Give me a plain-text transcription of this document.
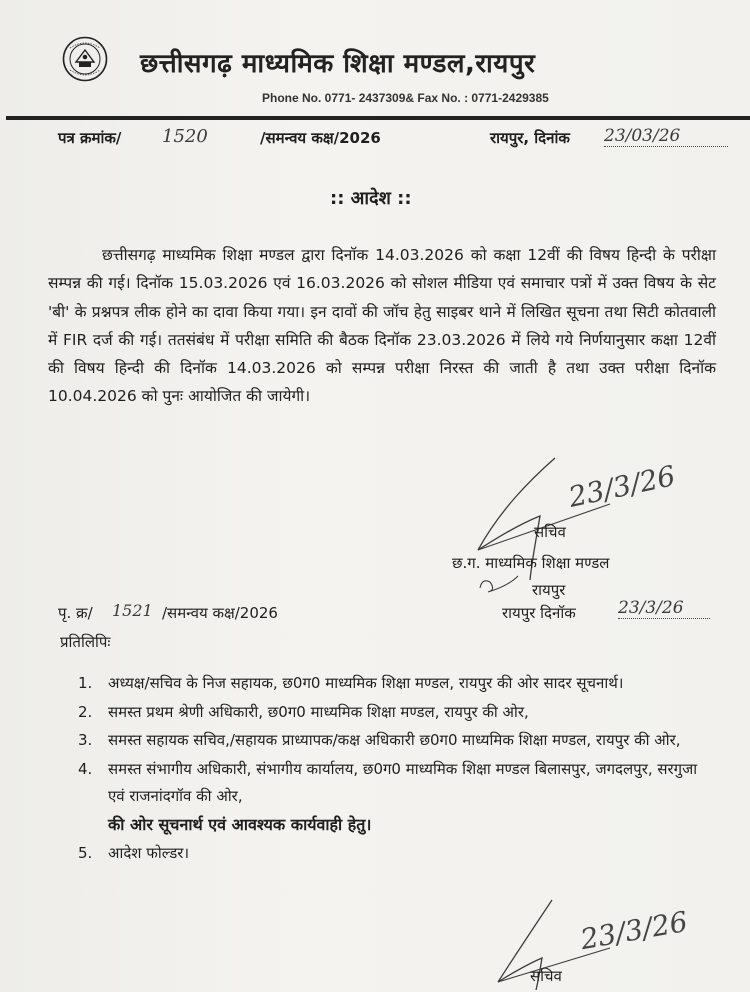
छत्तीसगढ़ माध्यमिक शिक्षा मण्डल,रायपुर
Phone No. 0771- 2437309& Fax No. : 0771-2429385
पत्र क्रमांक/ 1520	/समन्वय कक्ष/2026	रायपुर, दिनांक 23/03/26
:: आदेश ::

छत्तीसगढ़ माध्यमिक शिक्षा मण्डल द्वारा दिनॉक 14.03.2026 को कक्षा 12वीं की विषय हिन्दी के परीक्षा सम्पन्न की गई। दिनॉक 15.03.2026 एवं 16.03.2026 को सोशल मीडिया एवं समाचार पत्रों में उक्त विषय के सेट 'बी' के प्रश्नपत्र लीक होने का दावा किया गया। इन दावों की जॉच हेतु साइबर थाने में लिखित सूचना तथा सिटी कोतवाली में FIR दर्ज की गई। ततसंबंध में परीक्षा समिति की बैठक दिनॉक 23.03.2026 में लिये गये निर्णयानुसार कक्षा 12वीं की विषय हिन्दी की दिनॉक 14.03.2026 को सम्पन्न परीक्षा निरस्त की जाती है तथा उक्त परीक्षा दिनॉक 10.04.2026 को पुनः आयोजित की जायेगी।

23/3/26
सचिव
छ.ग. माध्यमिक शिक्षा मण्डल
रायपुर
पृ. क्र/ 1521 /समन्वय कक्ष/2026	रायपुर दिनॉक 23/3/26
प्रतिलिपिः
1. अध्यक्ष/सचिव के निज सहायक, छ0ग0 माध्यमिक शिक्षा मण्डल, रायपुर की ओर सादर सूचनार्थ।
2. समस्त प्रथम श्रेणी अधिकारी, छ0ग0 माध्यमिक शिक्षा मण्डल, रायपुर की ओर,
3. समस्त सहायक सचिव,/सहायक प्राध्यापक/कक्ष अधिकारी छ0ग0 माध्यमिक शिक्षा मण्डल, रायपुर की ओर,
4. समस्त संभागीय अधिकारी, संभागीय कार्यालय, छ0ग0 माध्यमिक शिक्षा मण्डल बिलासपुर, जगदलपुर, सरगुजा एवं राजनांदगॉव की ओर,
की ओर सूचनार्थ एवं आवश्यक कार्यवाही हेतु।
5. आदेश फोल्डर।
23/3/26
सचिव
